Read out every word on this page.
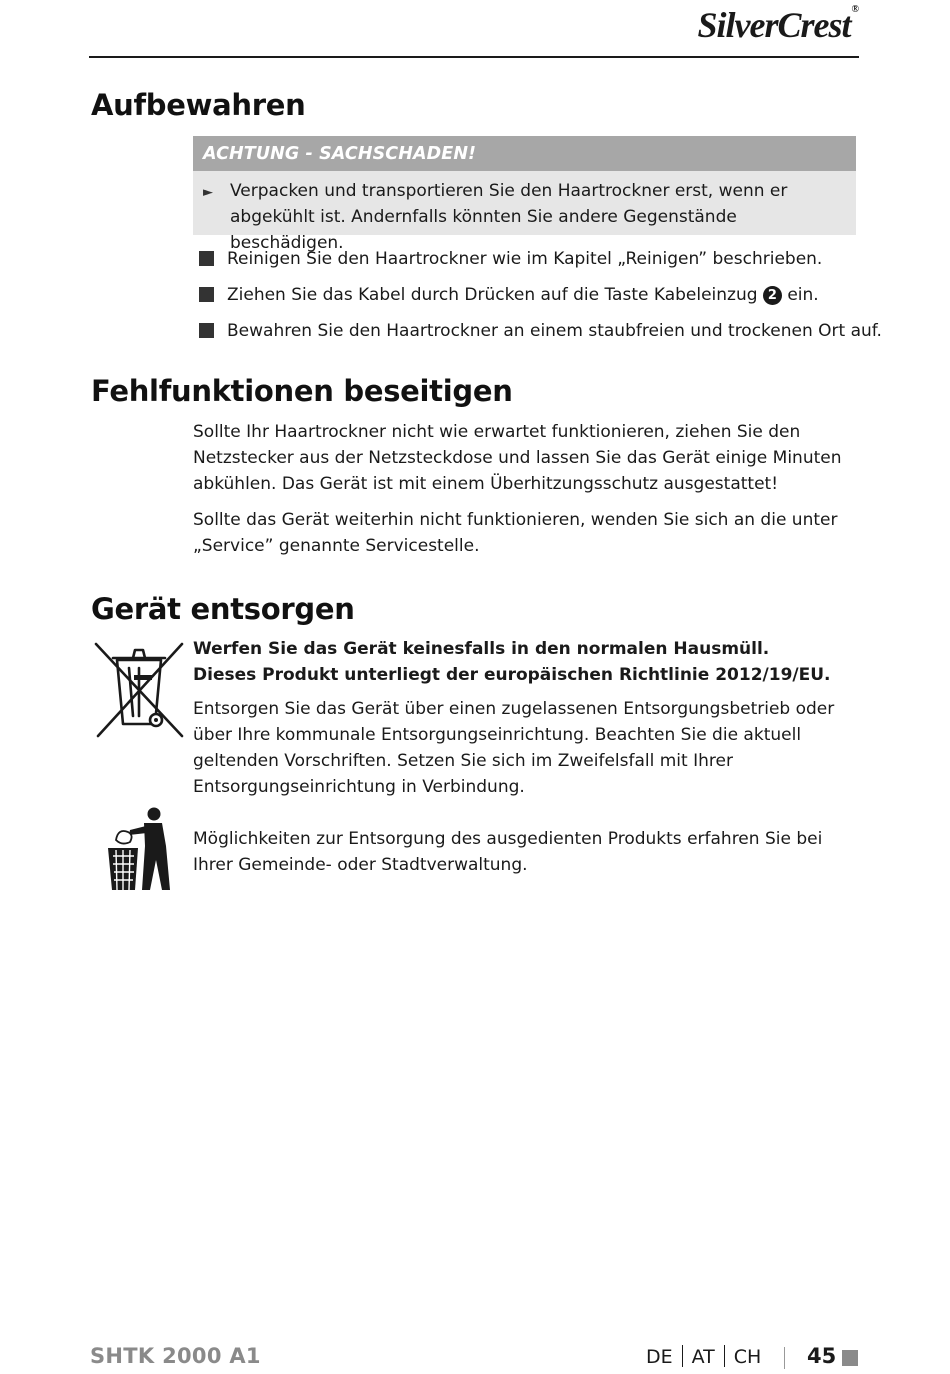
SilverCrest®
Aufbewahren
ACHTUNG - SACHSCHADEN!
► Verpacken und transportieren Sie den Haartrockner erst, wenn er abgekühlt ist. Andernfalls könnten Sie andere Gegenstände beschädigen.
Reinigen Sie den Haartrockner wie im Kapitel „Reinigen” beschrieben.
Ziehen Sie das Kabel durch Drücken auf die Taste Kabeleinzug 2 ein.
Bewahren Sie den Haartrockner an einem staubfreien und trockenen Ort auf.
Fehlfunktionen beseitigen

Sollte Ihr Haartrockner nicht wie erwartet funktionieren, ziehen Sie den Netzstecker aus der Netzsteckdose und lassen Sie das Gerät einige Minuten abkühlen. Das Gerät ist mit einem Überhitzungsschutz ausgestattet!

Sollte das Gerät weiterhin nicht funktionieren, wenden Sie sich an die unter „Service” genannte Servicestelle.

Gerät entsorgen

Werfen Sie das Gerät keinesfalls in den normalen Hausmüll.

Dieses Produkt unterliegt der europäischen Richtlinie 2012/19/EU.

Entsorgen Sie das Gerät über einen zugelassenen Entsorgungsbetrieb oder über Ihre kommunale Entsorgungseinrichtung. Beachten Sie die aktuell geltenden Vorschriften. Setzen Sie sich im Zweifelsfall mit Ihrer Entsorgungseinrichtung in Verbindung.

Möglichkeiten zur Entsorgung des ausgedienten Produkts erfahren Sie bei Ihrer Gemeinde- oder Stadtverwaltung.

SHTK 2000 A1	DE AT CH 45
